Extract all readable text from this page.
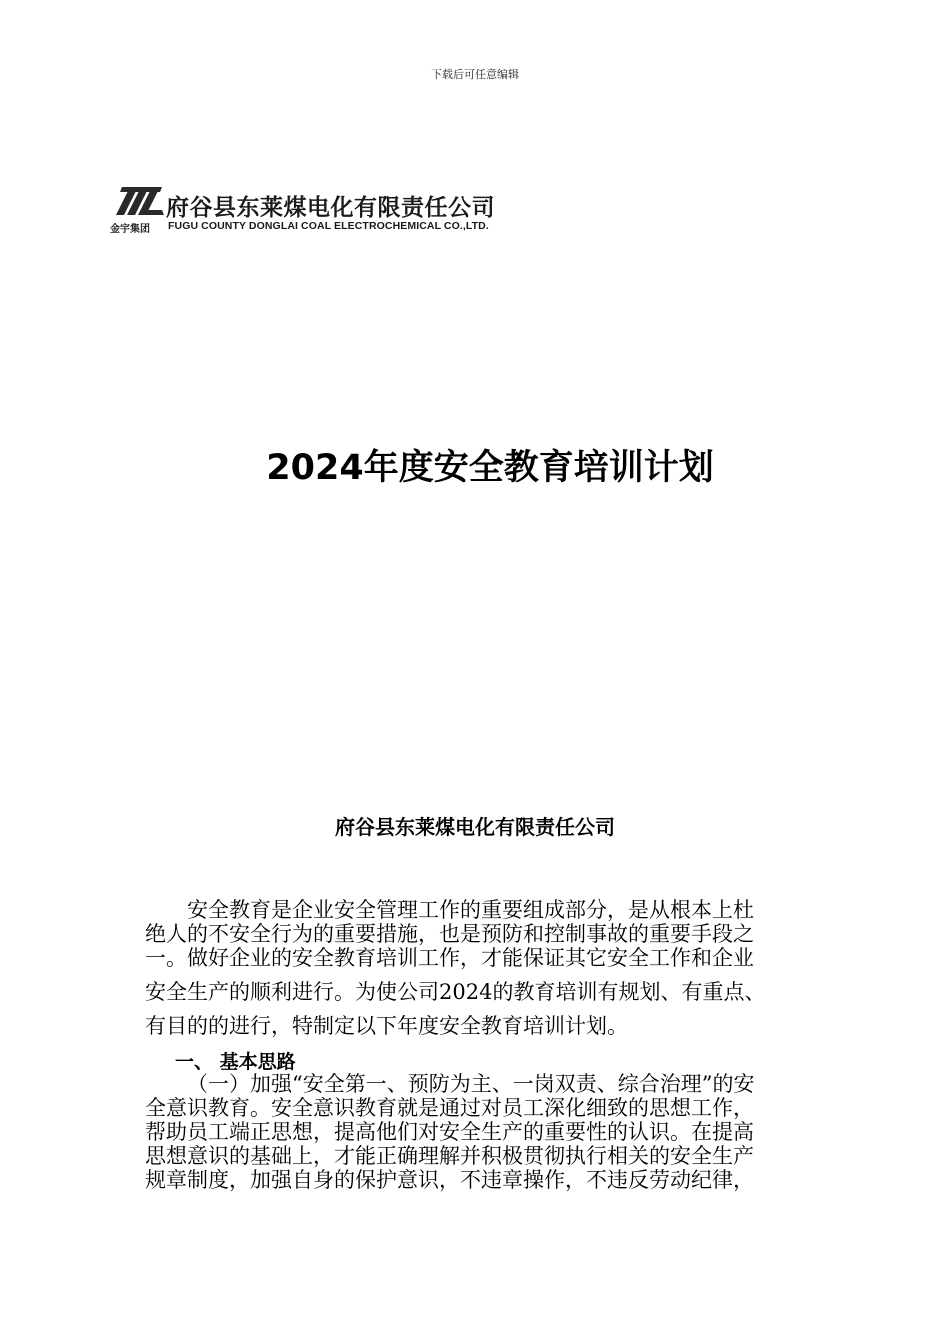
下载后可任意编辑
府谷县东莱煤电化有限责任公司
金宇集团 FUGU COUNTY DONGLAI COAL ELECTROCHEMICAL CO.,LTD.
2024年度安全教育培训计划
府谷县东莱煤电化有限责任公司
安全教育是企业安全管理工作的重要组成部分，是从根本上杜
绝人的不安全行为的重要措施，也是预防和控制事故的重要手段之
一。做好企业的安全教育培训工作，才能保证其它安全工作和企业
安全生产的顺利进行。为使公司2024的教育培训有规划、有重点、
有目的的进行，特制定以下年度安全教育培训计划。
一、 基本思路
（一）加强“安全第一、预防为主、一岗双责、综合治理”的安
全意识教育。安全意识教育就是通过对员工深化细致的思想工作，
帮助员工端正思想，提高他们对安全生产的重要性的认识。在提高
思想意识的基础上，才能正确理解并积极贯彻执行相关的安全生产
规章制度，加强自身的保护意识，不违章操作，不违反劳动纪律，
